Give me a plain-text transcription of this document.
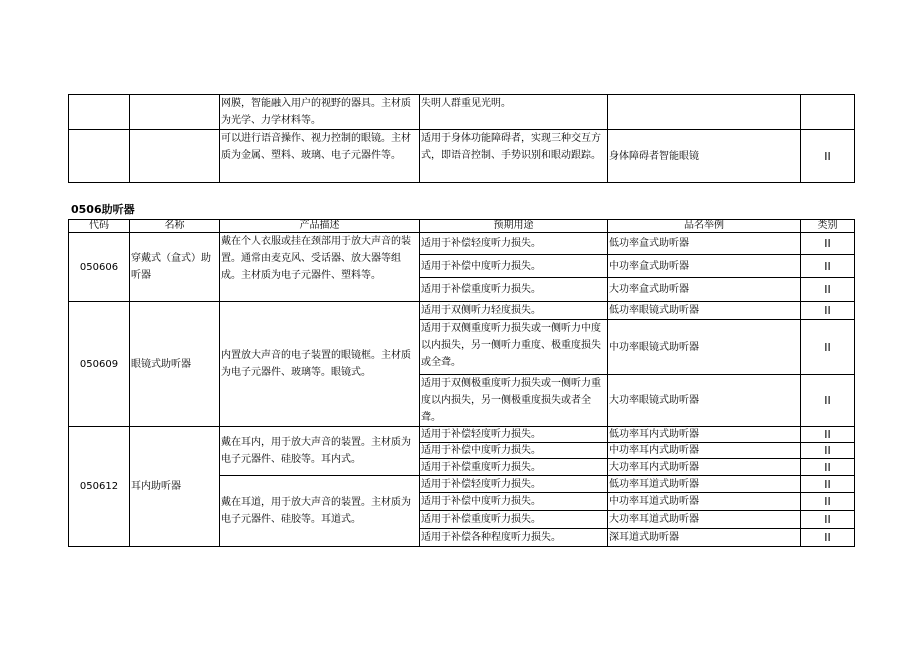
		网膜，智能融入用户的视野的器具。主材质为光学、力学材料等。	失明人群重见光明。		
		可以进行语音操作、视力控制的眼镜。主材质为金属、塑料、玻璃、电子元器件等。	适用于身体功能障碍者，实现三种交互方式，即语音控制、手势识别和眼动跟踪。	身体障碍者智能眼镜	II
0506助听器
代码	名称	产品描述	预期用途	品名举例	类别
050606	穿戴式（盒式）助听器	戴在个人衣服或挂在颈部用于放大声音的装置。通常由麦克风、受话器、放大器等组成。主材质为电子元器件、塑料等。	适用于补偿轻度听力损失。	低功率盒式助听器	II
			适用于补偿中度听力损失。	中功率盒式助听器	II
			适用于补偿重度听力损失。	大功率盒式助听器	II
050609	眼镜式助听器	内置放大声音的电子装置的眼镜框。主材质为电子元器件、玻璃等。眼镜式。	适用于双侧听力轻度损失。	低功率眼镜式助听器	II
			适用于双侧重度听力损失或一侧听力中度以内损失，另一侧听力重度、极重度损失或全聋。	中功率眼镜式助听器	II
			适用于双侧极重度听力损失或一侧听力重度以内损失，另一侧极重度损失或者全聋。	大功率眼镜式助听器	II
050612	耳内助听器	戴在耳内，用于放大声音的装置。主材质为电子元器件、硅胶等。耳内式。	适用于补偿轻度听力损失。	低功率耳内式助听器	II
			适用于补偿中度听力损失。	中功率耳内式助听器	II
			适用于补偿重度听力损失。	大功率耳内式助听器	II
		戴在耳道，用于放大声音的装置。主材质为电子元器件、硅胶等。耳道式。	适用于补偿轻度听力损失。	低功率耳道式助听器	II
			适用于补偿中度听力损失。	中功率耳道式助听器	II
			适用于补偿重度听力损失。	大功率耳道式助听器	II
			适用于补偿各种程度听力损失。	深耳道式助听器	II
